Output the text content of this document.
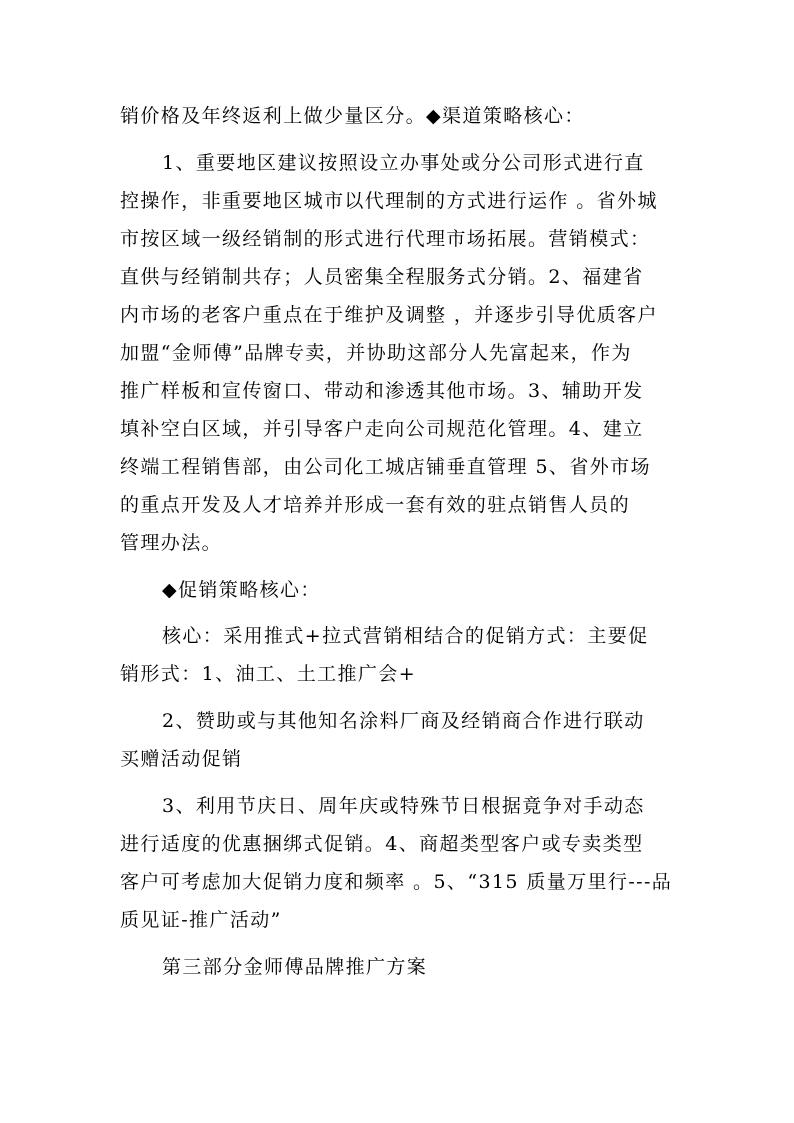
销价格及年终返利上做少量区分。◆渠道策略核心：
1、重要地区建议按照设立办事处或分公司形式进行直
控操作，非重要地区城市以代理制的方式进行运作 。省外城
市按区域一级经销制的形式进行代理市场拓展。营销模式：
直供与经销制共存；人员密集全程服务式分销。2、福建省
内市场的老客户重点在于维护及调整 ，并逐步引导优质客户
加盟“金师傅”品牌专卖，并协助这部分人先富起来，作为
推广样板和宣传窗口、带动和渗透其他市场。3、辅助开发
填补空白区域，并引导客户走向公司规范化管理。4、建立
终端工程销售部，由公司化工城店铺垂直管理 5、省外市场
的重点开发及人才培养并形成一套有效的驻点销售人员的
管理办法。
◆促销策略核心：
核心：采用推式+拉式营销相结合的促销方式：主要促
销形式：1、油工、土工推广会+
2、赞助或与其他知名涂料厂商及经销商合作进行联动
买赠活动促销
3、利用节庆日、周年庆或特殊节日根据竟争对手动态
进行适度的优惠捆绑式促销。4、商超类型客户或专卖类型
客户可考虑加大促销力度和频率 。5、“315 质量万里行---品
质见证-推广活动”
第三部分金师傅品牌推广方案
